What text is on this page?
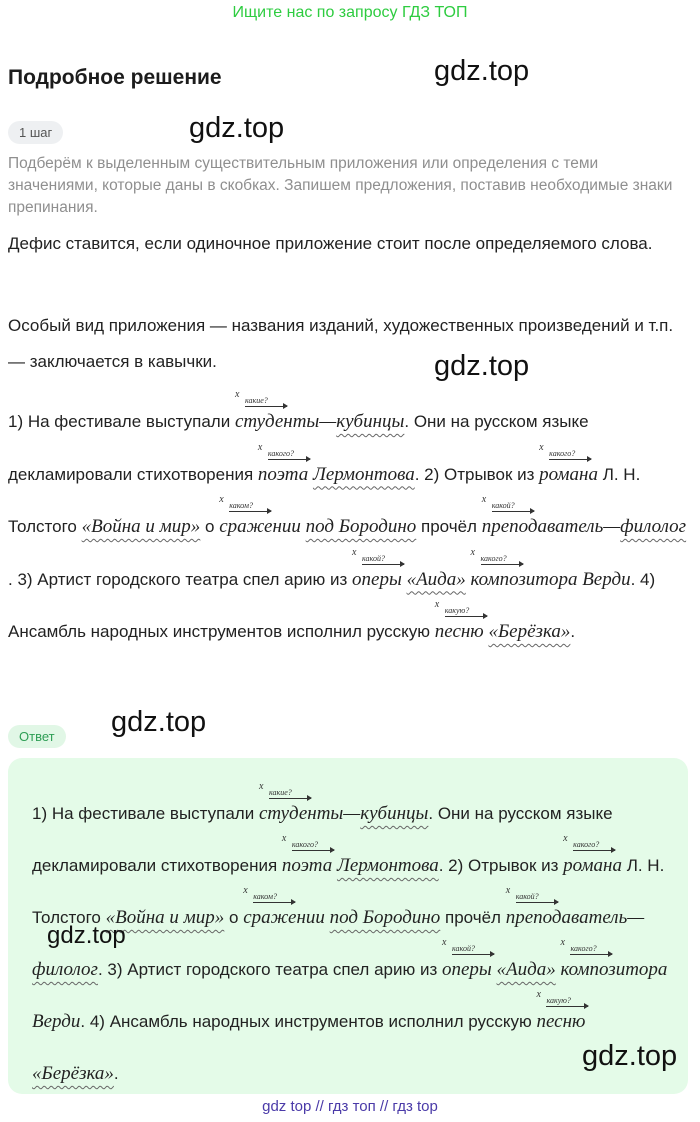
Ищите нас по запросу ГДЗ ТОП
Подробное решение	gdz.top
gdz.top
gdz.top
gdz.top
1 шаг
Подберём к выделенным существительным приложения или определения с теми значениями, которые даны в скобках. Запишем предложения, поставив необходимые знаки препинания.
Дефис ставится, если одиночное приложение стоит после определяемого слова.
Особый вид приложения — названия изданий, художественных произведений и т.п. — заключается в кавычки.
1) На фестивале выступали
x
какие?
студенты—кубинцы. Они на русском языке декламировали стихотворения
x
какого?
поэта Лермонтова. 2) Отрывок из
x
какого?
романа Л. Н. Толстого «Война и мир» о
x
каком?
сражении под Бородино прочёл
x
какой?
преподаватель—филолог. 3) Артист городского театра спел арию из
x
какой?
оперы «Аида»
x
какого?
композитора Верди. 4) Ансамбль народных инструментов исполнил русскую
x
какую?
песню «Берёзка».
Ответ
1) На фестивале выступали
x
какие?
студенты—кубинцы. Они на русском языке декламировали стихотворения
x
какого?
поэта Лермонтова. 2) Отрывок из
x
какого?
романа Л. Н. Толстого «Война и мир» о
x
каком?
сражении под Бородино прочёл
x
какой?
преподаватель—филолог. 3) Артист городского театра спел арию из
x
какой?
оперы «Аида»
x
какого?
композитора Верди. 4) Ансамбль народных инструментов исполнил русскую
x
какую?
песню «Берёзка».
gdz.top
gdz.top
gdz top // гдз топ // гдз top
